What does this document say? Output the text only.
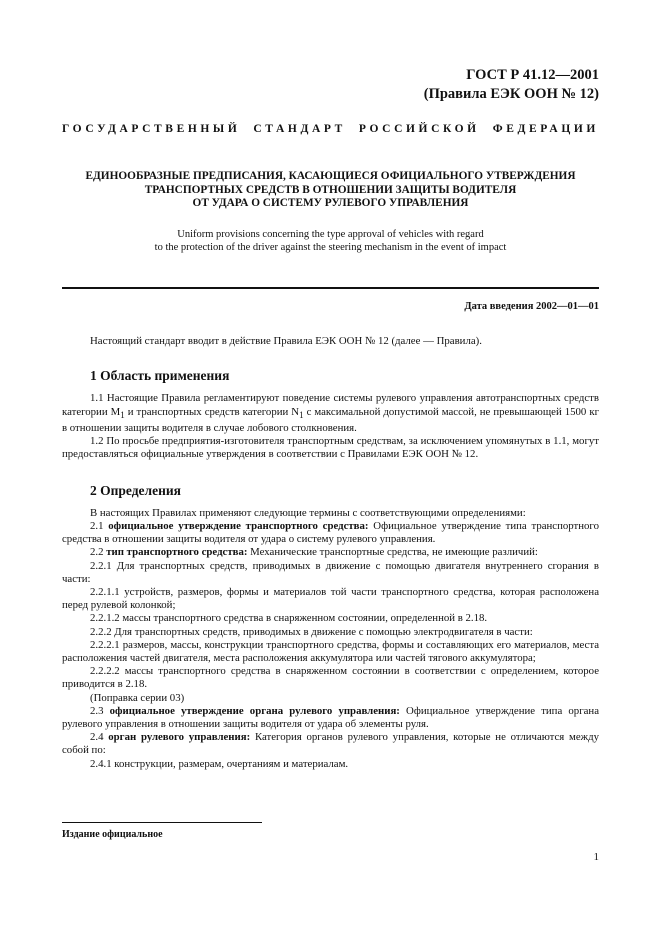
ГОСТ Р 41.12—2001
(Правила ЕЭК ООН № 12)
ГОСУДАРСТВЕННЫЙ СТАНДАРТ РОССИЙСКОЙ ФЕДЕРАЦИИ
ЕДИНООБРАЗНЫЕ ПРЕДПИСАНИЯ, КАСАЮЩИЕСЯ ОФИЦИАЛЬНОГО УТВЕРЖДЕНИЯ
ТРАНСПОРТНЫХ СРЕДСТВ В ОТНОШЕНИИ ЗАЩИТЫ ВОДИТЕЛЯ
ОТ УДАРА О СИСТЕМУ РУЛЕВОГО УПРАВЛЕНИЯ
Uniform provisions concerning the type approval of vehicles with regard
to the protection of the driver against the steering mechanism in the event of impact
Дата введения 2002—01—01

Настоящий стандарт вводит в действие Правила ЕЭК ООН № 12 (далее — Правила).

1 Область применения

1.1 Настоящие Правила регламентируют поведение системы рулевого управления автотранспортных средств категории $M_1$ и транспортных средств категории $N_1$ с максимальной допустимой массой, не превышающей 1500 кг в отношении защиты водителя в случае лобового столкновения.

1.2 По просьбе предприятия-изготовителя транспортным средствам, за исключением упомянутых в 1.1, могут предоставляться официальные утверждения в соответствии с Правилами ЕЭК ООН № 12.

2 Определения

В настоящих Правилах применяют следующие термины с соответствующими определениями:

2.1 официальное утверждение транспортного средства: Официальное утверждение типа транспортного средства в отношении защиты водителя от удара о систему рулевого управления.

2.2 тип транспортного средства: Механические транспортные средства, не имеющие различий:

2.2.1 Для транспортных средств, приводимых в движение с помощью двигателя внутреннего сгорания в части:

2.2.1.1 устройств, размеров, формы и материалов той части транспортного средства, которая расположена перед рулевой колонкой;

2.2.1.2 массы транспортного средства в снаряженном состоянии, определенной в 2.18.

2.2.2 Для транспортных средств, приводимых в движение с помощью электродвигателя в части:

2.2.2.1 размеров, массы, конструкции транспортного средства, формы и составляющих его материалов, места расположения частей двигателя, места расположения аккумулятора или частей тягового аккумулятора;

2.2.2.2 массы транспортного средства в снаряженном состоянии в соответствии с определением, которое приводится в 2.18.

(Поправка серии 03)

2.3 официальное утверждение органа рулевого управления: Официальное утверждение типа органа рулевого управления в отношении защиты водителя от удара об элементы руля.

2.4 орган рулевого управления: Категория органов рулевого управления, которые не отличаются между собой по:

2.4.1 конструкции, размерам, очертаниям и материалам.

Издание официальное
1
